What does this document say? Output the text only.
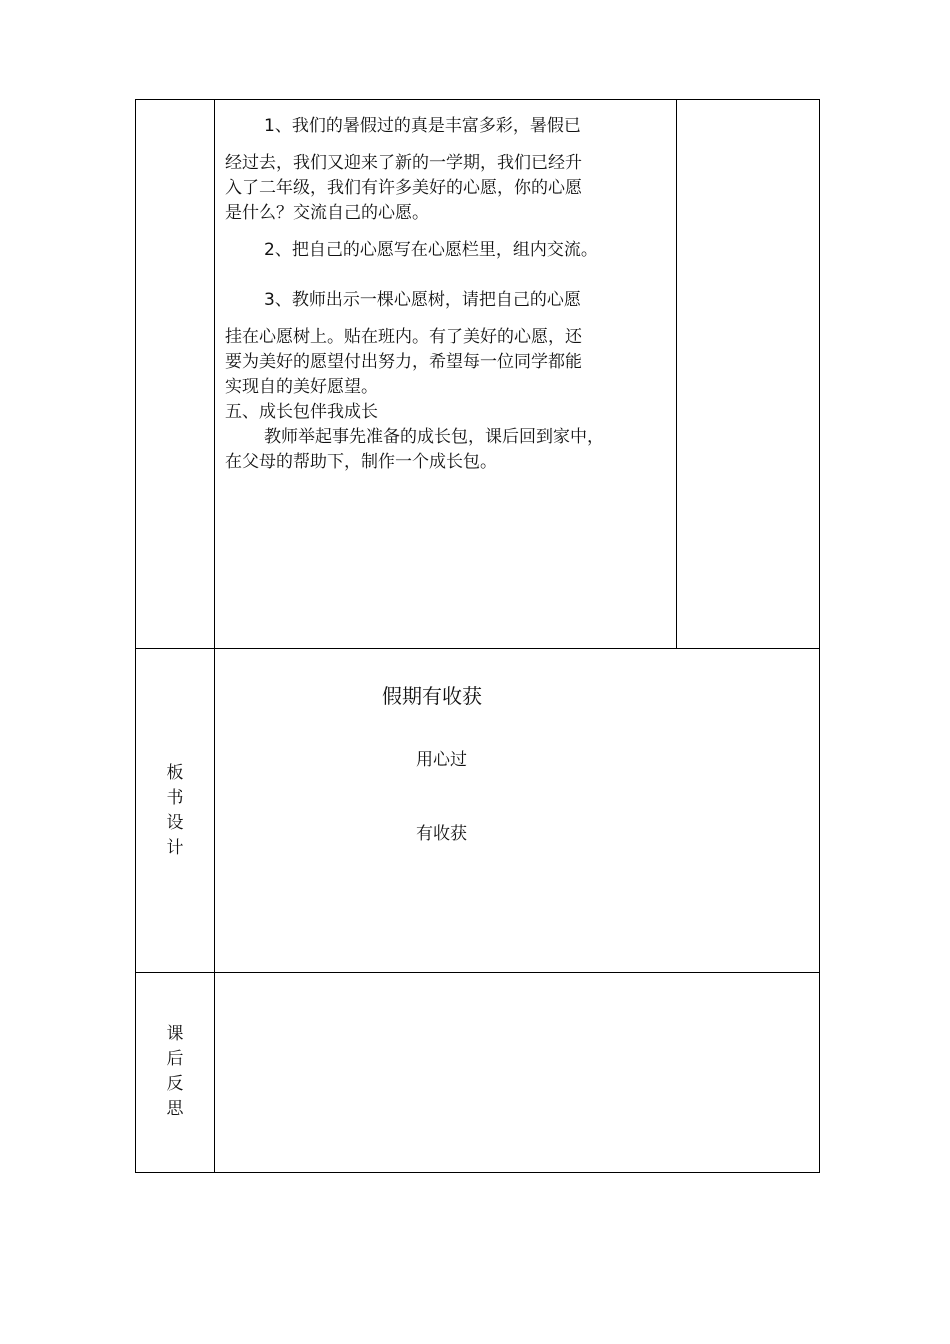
1、我们的暑假过的真是丰富多彩，暑假已

经过去，我们又迎来了新的一学期，我们已经升

入了二年级，我们有许多美好的心愿，你的心愿

是什么？交流自己的心愿。

2、把自己的心愿写在心愿栏里，组内交流。

3、教师出示一棵心愿树，请把自己的心愿

挂在心愿树上。贴在班内。有了美好的心愿，还

要为美好的愿望付出努力，希望每一位同学都能

实现自的美好愿望。

五、成长包伴我成长

教师举起事先准备的成长包，课后回到家中，

在父母的帮助下，制作一个成长包。

板
书
设
计

假期有收获

用心过

有收获

课
后
反
思
